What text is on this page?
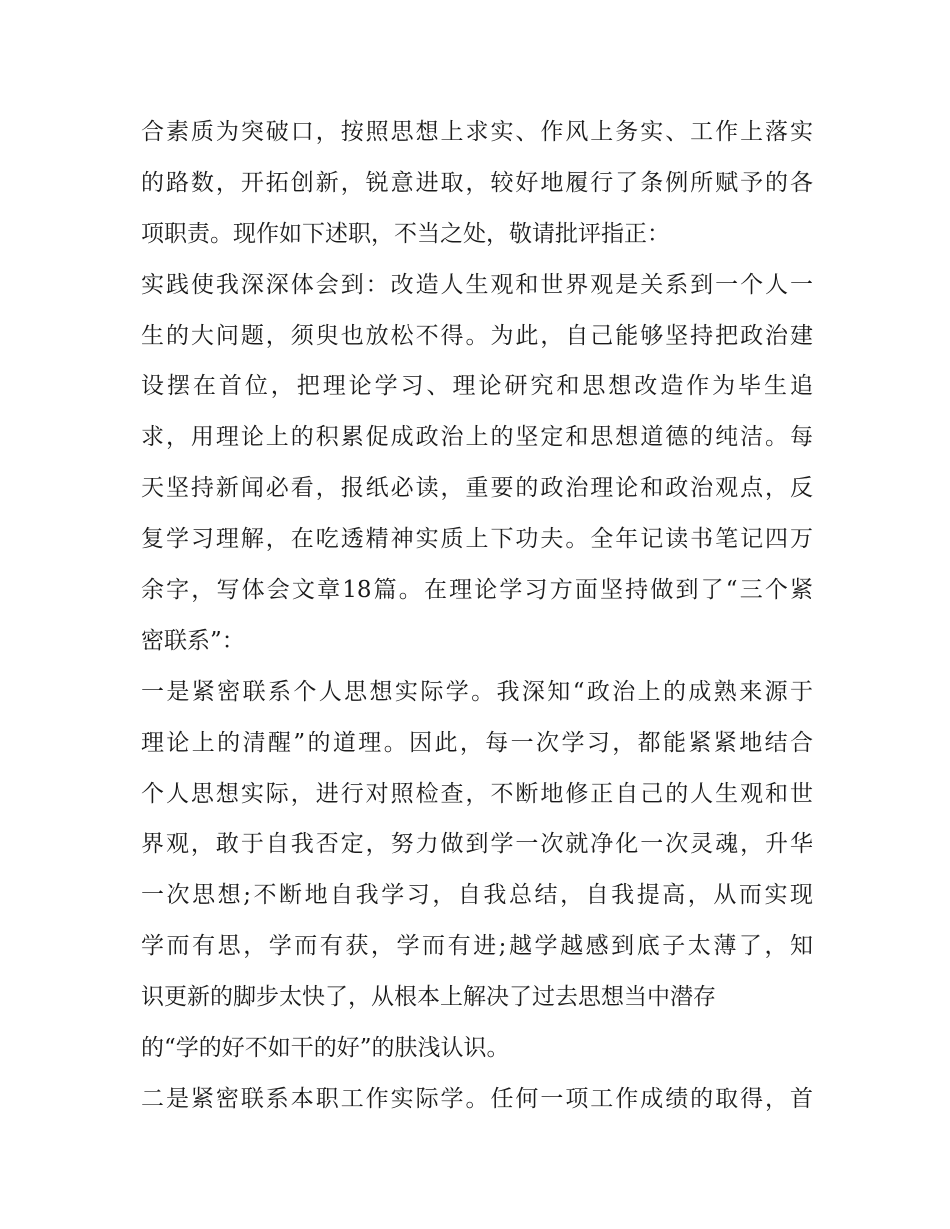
合素质为突破口，按照思想上求实、作风上务实、工作上落实
的路数，开拓创新，锐意进取，较好地履行了条例所赋予的各
项职责。现作如下述职，不当之处，敬请批评指正：
实践使我深深体会到：改造人生观和世界观是关系到一个人一
生的大问题，须臾也放松不得。为此，自己能够坚持把政治建
设摆在首位，把理论学习、理论研究和思想改造作为毕生追
求，用理论上的积累促成政治上的坚定和思想道德的纯洁。每
天坚持新闻必看，报纸必读，重要的政治理论和政治观点，反
复学习理解，在吃透精神实质上下功夫。全年记读书笔记四万
余字，写体会文章18篇。在理论学习方面坚持做到了“三个紧
密联系”：
一是紧密联系个人思想实际学。我深知“政治上的成熟来源于
理论上的清醒”的道理。因此，每一次学习，都能紧紧地结合
个人思想实际，进行对照检查，不断地修正自己的人生观和世
界观，敢于自我否定，努力做到学一次就净化一次灵魂，升华
一次思想;不断地自我学习，自我总结，自我提高，从而实现
学而有思，学而有获，学而有进;越学越感到底子太薄了，知
识更新的脚步太快了，从根本上解决了过去思想当中潜存
的“学的好不如干的好”的肤浅认识。
二是紧密联系本职工作实际学。任何一项工作成绩的取得，首
